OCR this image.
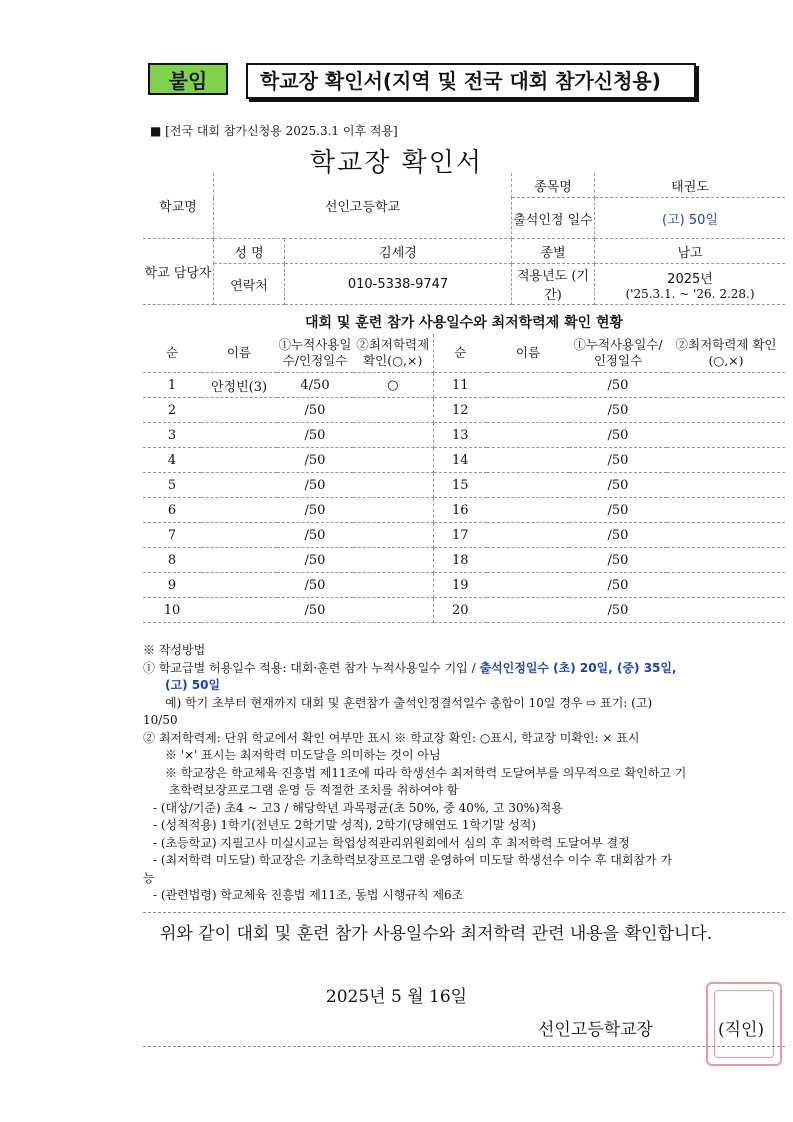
붙임	학교장 확인서(지역 및 전국 대회 참가신청용)
■ [전국 대회 참가신청용 2025.3.1 이후 적용]
학교장 확인서
학교명	선인고등학교		종목명	태권도
			출석인정 일수	(고) 50일
학교 담당자	성 명	김세경	종별	남고
	연락처	010-5338-9747	적용년도 (기간)	2025년
('25.3.1. ~ '26. 2.28.)
대회 및 훈련 참가 사용일수와 최저학력제 확인 현황
순	이름	①누적사용일수/인정일수	②최저학력제 확인(○,×)	순	이름	①누적사용일수/인정일수	②최저학력제 확인(○,×)
1	안정빈(3)	4/50	○	11		/50	
2		/50		12		/50	
3		/50		13		/50	
4		/50		14		/50	
5		/50		15		/50	
6		/50		16		/50	
7		/50		17		/50	
8		/50		18		/50	
9		/50		19		/50	
10		/50		20		/50	
※ 작성방법
① 학교급별 허용일수 적용: 대회·훈련 참가 누적사용일수 기입 / 출석인정일수 (초) 20일, (중) 35일,
(고) 50일
예) 학기 초부터 현재까지 대회 및 훈련참가 출석인정결석일수 총합이 10일 경우 ⇨ 표기: (고)
10/50
② 최저학력제: 단위 학교에서 확인 여부만 표시 ※ 학교장 확인: ○표시, 학교장 미확인: × 표시
※ '×' 표시는 최저학력 미도달을 의미하는 것이 아님
※ 학교장은 학교체육 진흥법 제11조에 따라 학생선수 최저학력 도달여부를 의무적으로 확인하고 기
초학력보장프로그램 운영 등 적절한 조치를 취하여야 함
- (대상/기준) 초4 ~ 고3 / 해당학년 과목평균(초 50%, 중 40%, 고 30%)적용
- (성적적용) 1학기(전년도 2학기말 성적), 2학기(당해연도 1학기말 성적)
- (초등학교) 지필고사 미실시교는 학업성적관리위원회에서 심의 후 최저학력 도달여부 결정
- (최저학력 미도달) 학교장은 기초학력보장프로그램 운영하여 미도달 학생선수 이수 후 대회참가 가
능
- (관련법령) 학교체육 진흥법 제11조, 동법 시행규칙 제6조
위와 같이 대회 및 훈련 참가 사용일수와 최저학력 관련 내용을 확인합니다.
2025년 5 월 16일
선인고등학교장	(직인)
